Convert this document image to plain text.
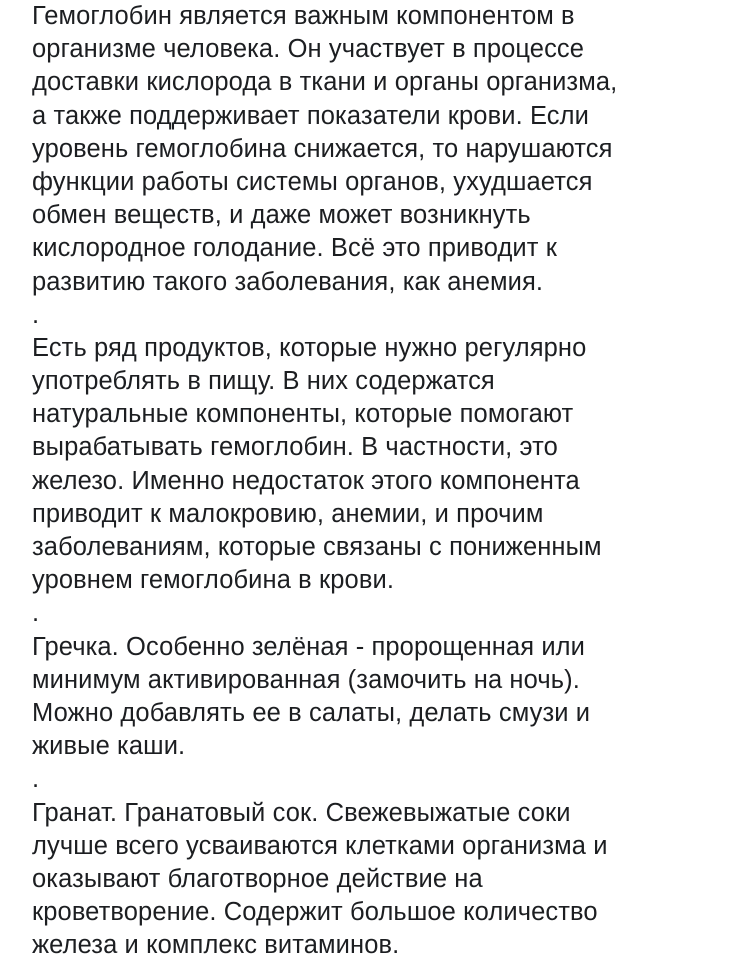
Гемоглобин является важным компонентом в
организме человека. Он участвует в процессе
доставки кислорода в ткани и органы организма,
а также поддерживает показатели крови. Если
уровень гемоглобина снижается, то нарушаются
функции работы системы органов, ухудшается
обмен веществ, и даже может возникнуть
кислородное голодание. Всё это приводит к
развитию такого заболевания, как анемия.
.
Есть ряд продуктов, которые нужно регулярно
употреблять в пищу. В них содержатся
натуральные компоненты, которые помогают
вырабатывать гемоглобин. В частности, это
железо. Именно недостаток этого компонента
приводит к малокровию, анемии, и прочим
заболеваниям, которые связаны с пониженным
уровнем гемоглобина в крови.
.
Гречка. Особенно зелёная - пророщенная или
минимум активированная (замочить на ночь).
Можно добавлять ее в салаты, делать смузи и
живые каши.
.
Гранат. Гранатовый сок. Свежевыжатые соки
лучше всего усваиваются клетками организма и
оказывают благотворное действие на
кроветворение. Содержит большое количество
железа и комплекс витаминов.
